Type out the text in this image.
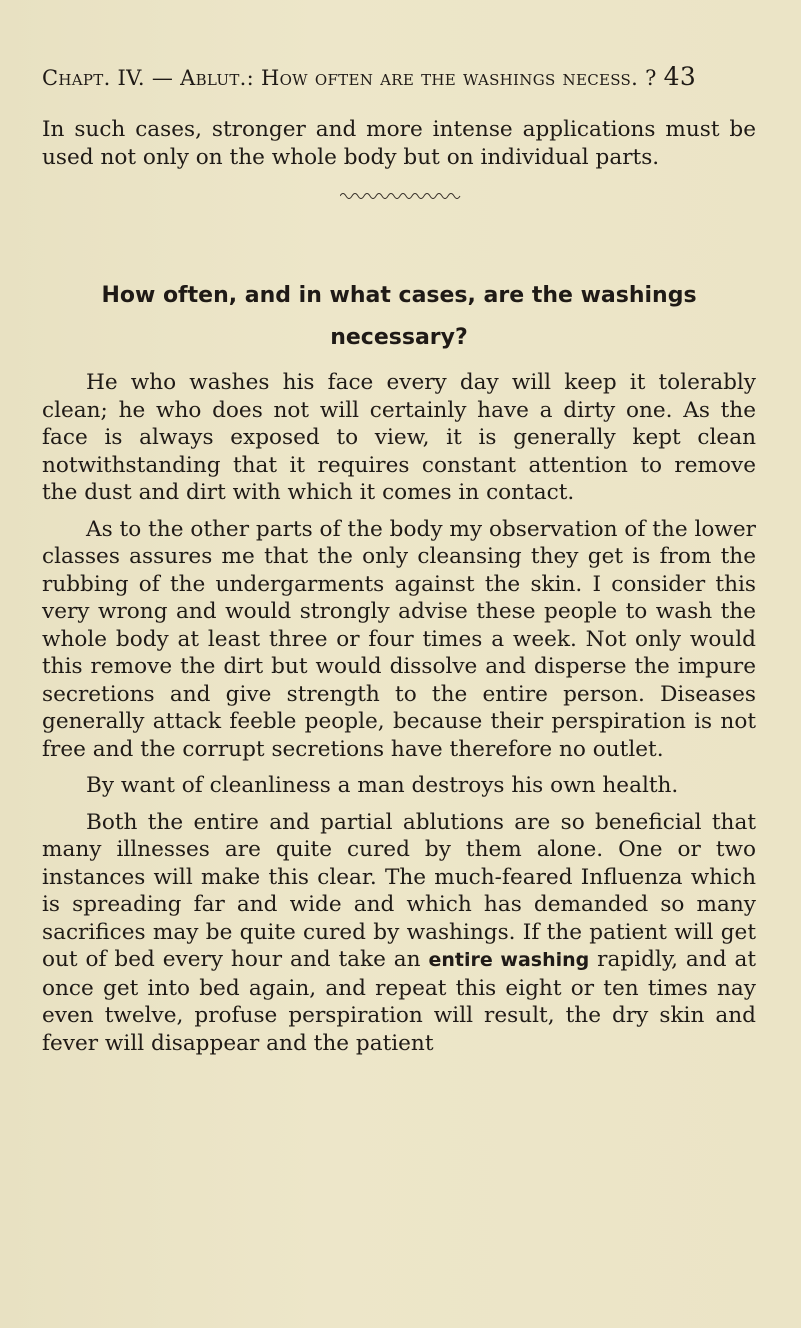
Chapt. IV. — Ablut.: How often are the washings necess. ? 43

In such cases, stronger and more intense applications must be used not only on the whole body but on individual parts.

How often, and in what cases, are the washings
necessary?

He who washes his face every day will keep it tolerably clean; he who does not will certainly have a dirty one. As the face is always exposed to view, it is generally kept clean notwithstanding that it requires constant attention to remove the dust and dirt with which it comes in contact.

As to the other parts of the body my observation of the lower classes assures me that the only cleansing they get is from the rubbing of the undergarments against the skin. I consider this very wrong and would strongly advise these people to wash the whole body at least three or four times a week. Not only would this remove the dirt but would dissolve and disperse the impure secretions and give strength to the entire person. Diseases generally attack feeble people, because their perspiration is not free and the corrupt secretions have therefore no outlet.

By want of cleanliness a man destroys his own health.

Both the entire and partial ablutions are so beneficial that many illnesses are quite cured by them alone. One or two instances will make this clear. The much-feared Influenza which is spreading far and wide and which has demanded so many sacrifices may be quite cured by washings. If the patient will get out of bed every hour and take an entire washing rapidly, and at once get into bed again, and repeat this eight or ten times nay even twelve, profuse perspiration will result, the dry skin and fever will disappear and the patient
